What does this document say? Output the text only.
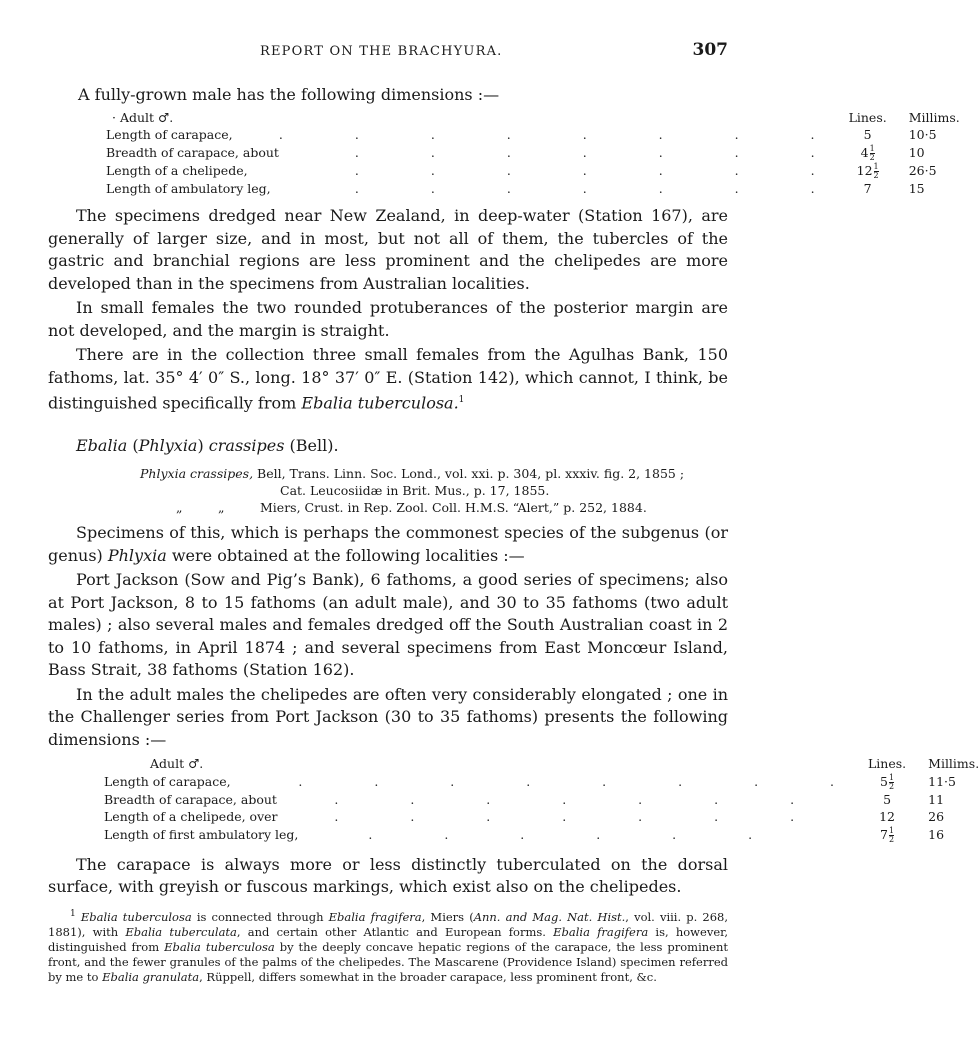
REPORT ON THE BRACHYURA.	307

A fully-grown male has the following dimensions :—

· Adult ♂.		Lines.	Millims.
Length of carapace,	. . . . . . . .	5	10·5
Breadth of carapace, about	. . . . . . .	$4 \frac{1}{2}$	10
Length of a chelipede,	. . . . . . .	$12 \frac{1}{2}$	26·5
Length of ambulatory leg,	. . . . . . .	7	15

The specimens dredged near New Zealand, in deep-water (Station 167), are generally of larger size, and in most, but not all of them, the tubercles of the gastric and branchial regions are less prominent and the chelipedes are more developed than in the specimens from Australian localities.

In small females the two rounded protuberances of the posterior margin are not developed, and the margin is straight.

There are in the collection three small females from the Agulhas Bank, 150 fathoms, lat. 35° 4′ 0″ S., long. 18° 37′ 0″ E. (Station 142), which cannot, I think, be distinguished specifically from Ebalia tuberculosa.$^1$

Ebalia (Phlyxia) crassipes (Bell).

Phlyxia crassipes, Bell, Trans. Linn. Soc. Lond., vol. xxi. p. 304, pl. xxxiv. fig. 2, 1855 ;
Cat. Leucosiidæ in Brit. Mus., p. 17, 1855.
„	„	Miers, Crust. in Rep. Zool. Coll. H.M.S. “Alert,” p. 252, 1884.

Specimens of this, which is perhaps the commonest species of the subgenus (or genus) Phlyxia were obtained at the following localities :—

Port Jackson (Sow and Pig’s Bank), 6 fathoms, a good series of specimens; also at Port Jackson, 8 to 15 fathoms (an adult male), and 30 to 35 fathoms (two adult males) ; also several males and females dredged off the South Australian coast in 2 to 10 fathoms, in April 1874 ; and several specimens from East Moncœur Island, Bass Strait, 38 fathoms (Station 162).

In the adult males the chelipedes are often very considerably elongated ; one in the Challenger series from Port Jackson (30 to 35 fathoms) presents the following dimensions :—

Adult ♂.		Lines.	Millims.
Length of carapace,	. . . . . . . .	$5 \frac{1}{2}$	11·5
Breadth of carapace, about	. . . . . . .	5	11
Length of a chelipede, over	. . . . . . .	12	26
Length of first ambulatory leg,	. . . . . .	$7 \frac{1}{2}$	16

The carapace is always more or less distinctly tuberculated on the dorsal surface, with greyish or fuscous markings, which exist also on the chelipedes.

$^1$ Ebalia tuberculosa is connected through Ebalia fragifera, Miers (Ann. and Mag. Nat. Hist., vol. viii. p. 268, 1881), with Ebalia tuberculata, and certain other Atlantic and European forms. Ebalia fragifera is, however, distinguished from Ebalia tuberculosa by the deeply concave hepatic regions of the carapace, the less prominent front, and the fewer granules of the palms of the chelipedes. The Mascarene (Providence Island) specimen referred by me to Ebalia granulata, Rüppell, differs somewhat in the broader carapace, less prominent front, &c.
